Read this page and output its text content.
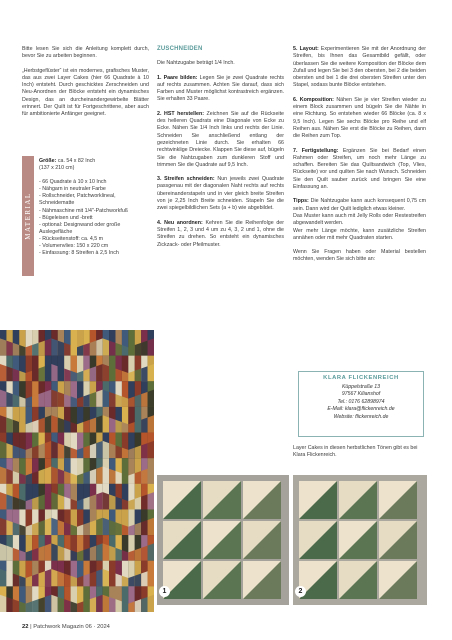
Bitte lesen Sie sich die Anleitung komplett durch, bevor Sie zu arbeiten beginnen.

„Herbstgeflüster“ ist ein modernes, grafisches Muster, das aus zwei Layer Cakes (hier 66 Quadrate à 10 Inch) entsteht. Durch geschicktes Zerschneiden und Neu-Anordnen der Blöcke entsteht ein dynamisches Design, das an durcheinandergewirbelte Blätter erinnert. Der Quilt ist für Fortgeschrittene, aber auch für ambitionierte Anfänger geeignet.

MATERIAL
Größe: ca. 54 x 82 Inch
(137 x 210 cm)
- 66 Quadrate à 10 x 10 Inch
- Nähgarn in neutraler Farbe
- Rollschneider, Patchworklineal, Schneidematte
- Nähmaschine mit 1/4"-Patchworkfuß
- Bügeleisen und -brett
- optional: Designwand oder große Auslegefläche
- Rückseitenstoff: ca. 4,5 m
- Volumenvlies: 150 x 220 cm
- Einfassung: 8 Streifen à 2,5 Inch
ZUSCHNEIDEN

Die Nahtzugabe beträgt 1/4 Inch.

1. Paare bilden: Legen Sie je zwei Quadrate rechts auf rechts zusammen. Achten Sie darauf, dass sich Farben und Muster möglichst kontrastreich ergänzen. Sie erhalten 33 Paare.

2. HST herstellen: Zeichnen Sie auf die Rückseite des helleren Quadrats eine Diagonale von Ecke zu Ecke. Nähen Sie 1/4 Inch links und rechts der Linie. Schneiden Sie anschließend entlang der gezeichneten Linie durch. Sie erhalten 66 rechtwinklige Dreiecke. Klappen Sie diese auf, bügeln Sie die Nahtzugaben zum dunkleren Stoff und trimmen Sie die Quadrate auf 9,5 Inch.

3. Streifen schneiden: Nun jeweils zwei Quadrate passgenau mit der diagonalen Naht rechts auf rechts übereinanderstapeln und in vier gleich breite Streifen von je 2,25 Inch Breite schneiden. Stapeln Sie die zwei spiegelbildlichen Sets (a + b) wie abgebildet.

4. Neu anordnen: Kehren Sie die Reihenfolge der Streifen 1, 2, 3 und 4 um zu 4, 3, 2 und 1, ohne die Streifen zu drehen. So entsteht ein dynamisches Zickzack- oder Pfeilmuster.

5. Layout: Experimentieren Sie mit der Anordnung der Streifen, bis Ihnen das Gesamtbild gefällt, oder überlassen Sie die weitere Komposition der Blöcke dem Zufall und legen Sie bei 3 den obersten, bei 2 die beiden obersten und bei 1 die drei obersten Streifen unter den Stapel, sodass bunte Blöcke entstehen.

6. Komposition: Nähen Sie je vier Streifen wieder zu einem Block zusammen und bügeln Sie die Nähte in eine Richtung. So entstehen wieder 66 Blöcke (ca. 8 x 9,5 Inch). Legen Sie sechs Blöcke pro Reihe und elf Reihen aus. Nähen Sie erst die Blöcke zu Reihen, dann die Reihen zum Top.

7. Fertigstellung: Ergänzen Sie bei Bedarf einen Rahmen oder Streifen, um noch mehr Länge zu schaffen. Bereiten Sie das Quiltsandwich (Top, Vlies, Rückseite) vor und quilten Sie nach Wunsch. Schneiden Sie den Quilt sauber zurück und bringen Sie eine Einfassung an.

Tipps: Die Nahtzugabe kann auch konsequent 0,75 cm sein. Dann wird der Quilt lediglich etwas kleiner.
Das Muster kann auch mit Jelly Rolls oder Restestreifen abgewandelt werden.
Wer mehr Länge möchte, kann zusätzliche Streifen annähen oder mit mehr Quadraten starten.

Wenn Sie Fragen haben oder Material bestellen möchten, wenden Sie sich bitte an:

KLARA FLICKENREICH
Küppelstraße 13
97567 Kilianshof
Tel.: 0176 62898974
E-Mail: klara@flickenreich.de
Website: flickenreich.de
Layer Cakes in diesen herbstlichen Tönen gibt es bei Klara Flickenreich.
1	2
22 | Patchwork Magazin 06 · 2024
